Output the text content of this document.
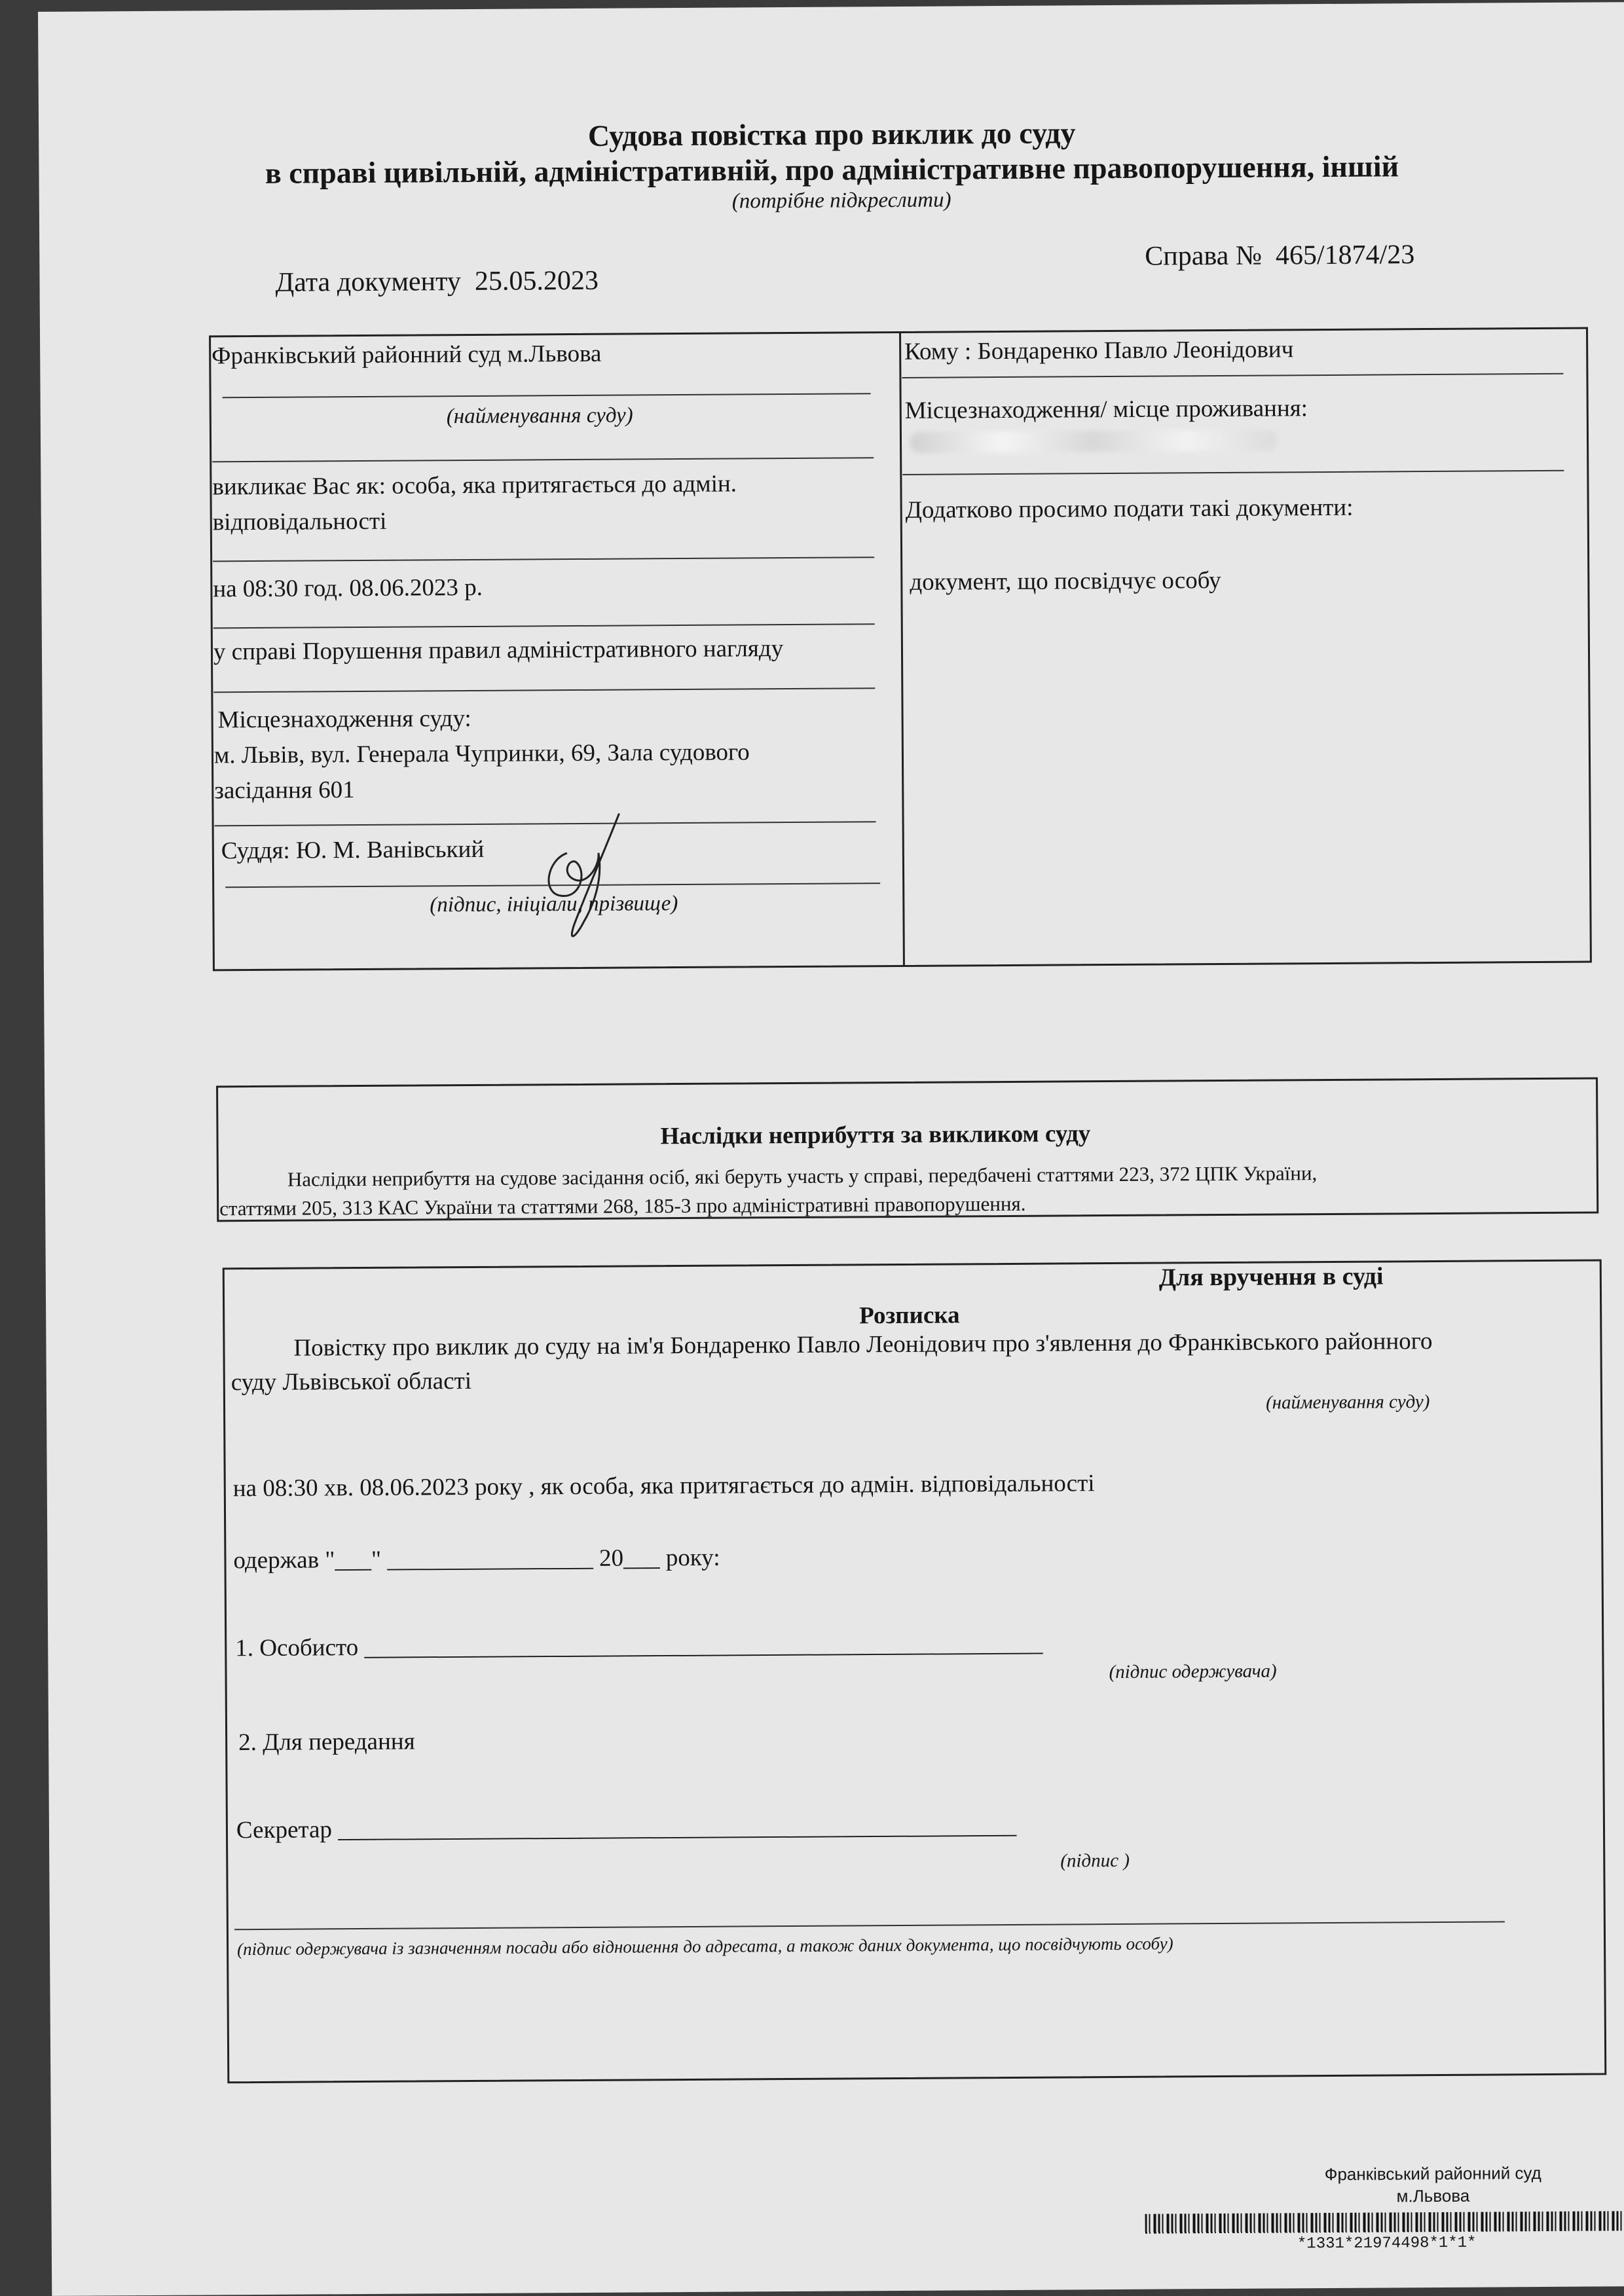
Судова повістка про виклик до суду
в справі цивільній, адміністративній, про адміністративне правопорушення, іншій
(потрібне підкреслити)
Дата документу 25.05.2023
Справа № 465/1874/23
Франківський районний суд м.Львова
(найменування суду)
викликає Вас як: особа, яка притягається до адмін.
відповідальності
на 08:30 год. 08.06.2023 р.
у справі Порушення правил адміністративного нагляду
Місцезнаходження суду:
м. Львів, вул. Генерала Чупринки, 69, Зала судового
засідання 601
Суддя: Ю. М. Ванівський
(підпис, ініціали, прізвище)
Кому : Бондаренко Павло Леонідович
Місцезнаходження/ місце проживання:
Додатково просимо подати такі документи:
документ, що посвідчує особу
Наслідки неприбуття за викликом суду
Наслідки неприбуття на судове засідання осіб, які беруть участь у справі, передбачені статтями 223, 372 ЦПК України,
статтями 205, 313 КАС України та статтями 268, 185-3 про адміністративні правопорушення.
Для вручення в суді
Розписка
Повістку про виклик до суду на ім'я Бондаренко Павло Леонідович про з'явлення до Франківського районного
суду Львівської області
(найменування суду)
на 08:30 хв. 08.06.2023 року , як особа, яка притягається до адмін. відповідальності
одержав "___" _________________ 20___ року:
1. Особисто ________________________________________________________
(підпис одержувача)
2. Для передання
Секретар ________________________________________________________
(підпис )
(підпис одержувача із зазначенням посади або відношення до адресата, а також даних документа, що посвідчують особу)
Франківський районний суд
м.Львова
*1331*21974498*1*1*
